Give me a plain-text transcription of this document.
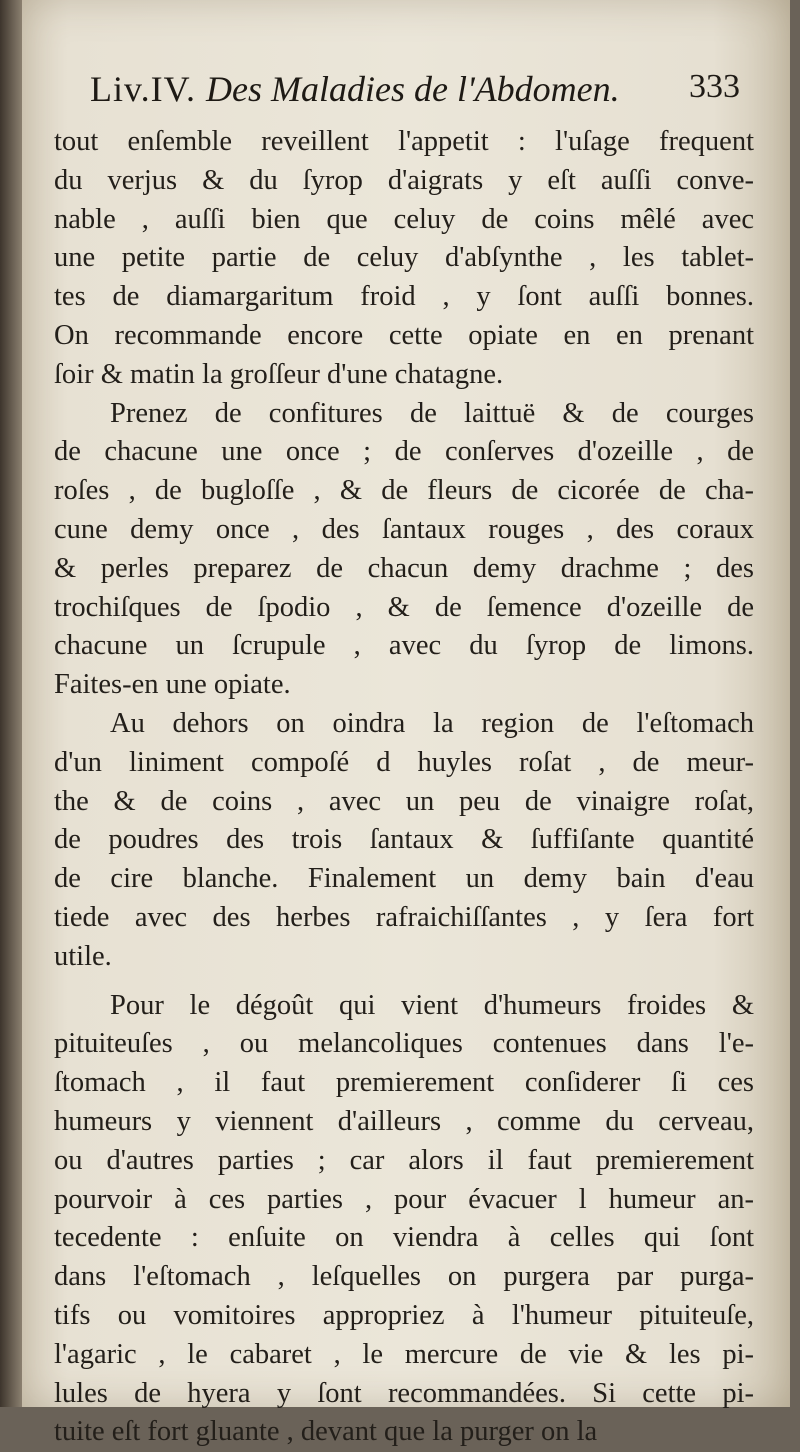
Liv.IV. Des Maladies de l'Abdomen. 333
tout enſemble reveillent l'appetit : l'uſage frequent
du verjus & du ſyrop d'aigrats y eſt auſſi conve-
nable , auſſi bien que celuy de coins mêlé avec
une petite partie de celuy d'abſynthe , les tablet-
tes de diamargaritum froid , y ſont auſſi bonnes.
On recommande encore cette opiate en en prenant
ſoir & matin la groſſeur d'une chatagne.
Prenez de confitures de laittuë & de courges
de chacune une once ; de conſerves d'ozeille , de
roſes , de bugloſſe , & de fleurs de cicorée de cha-
cune demy once , des ſantaux rouges , des coraux
& perles preparez de chacun demy drachme ; des
trochiſques de ſpodio , & de ſemence d'ozeille de
chacune un ſcrupule , avec du ſyrop de limons.
Faites-en une opiate.
Au dehors on oindra la region de l'eſtomach
d'un liniment compoſé d huyles roſat , de meur-
the & de coins , avec un peu de vinaigre roſat,
de poudres des trois ſantaux & ſuffiſante quantité
de cire blanche. Finalement un demy bain d'eau
tiede avec des herbes rafraichiſſantes , y ſera fort
utile.
Pour le dégoût qui vient d'humeurs froides &
pituiteuſes , ou melancoliques contenues dans l'e-
ſtomach , il faut premierement conſiderer ſi ces
humeurs y viennent d'ailleurs , comme du cerveau,
ou d'autres parties ; car alors il faut premierement
pourvoir à ces parties , pour évacuer l humeur an-
tecedente : enſuite on viendra à celles qui ſont
dans l'eſtomach , leſquelles on purgera par purga-
tifs ou vomitoires appropriez à l'humeur pituiteuſe,
l'agaric , le cabaret , le mercure de vie & les pi-
lules de hyera y ſont recommandées. Si cette pi-
tuite eſt fort gluante , devant que la purger on la
